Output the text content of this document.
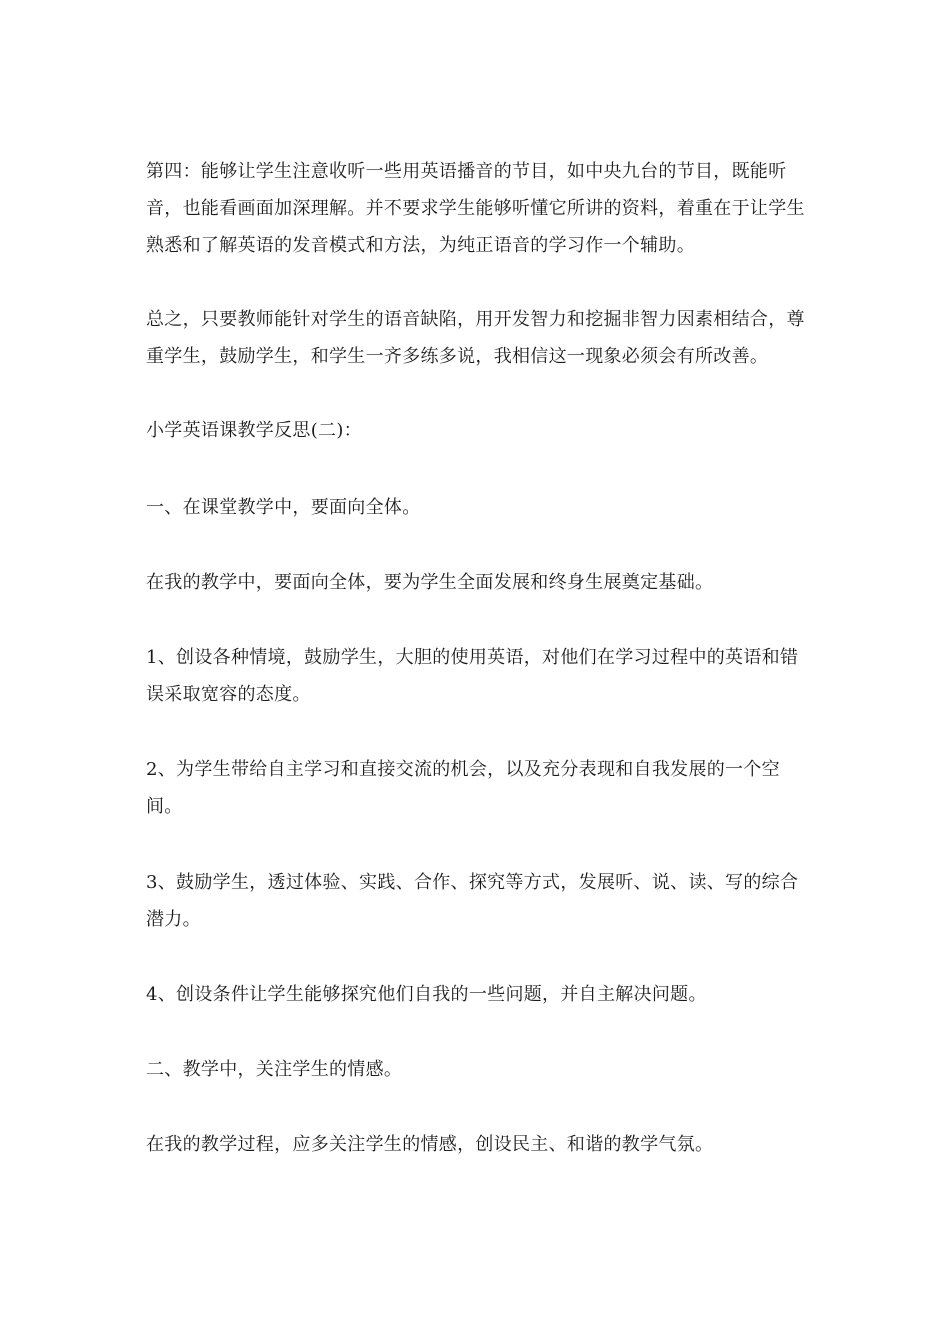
第四：能够让学生注意收听一些用英语播音的节目，如中央九台的节目，既能听音，也能看画面加深理解。并不要求学生能够听懂它所讲的资料，着重在于让学生熟悉和了解英语的发音模式和方法，为纯正语音的学习作一个辅助。

总之，只要教师能针对学生的语音缺陷，用开发智力和挖掘非智力因素相结合，尊重学生，鼓励学生，和学生一齐多练多说，我相信这一现象必须会有所改善。

小学英语课教学反思(二)：

一、在课堂教学中，要面向全体。

在我的教学中，要面向全体，要为学生全面发展和终身生展奠定基础。

1、创设各种情境，鼓励学生，大胆的使用英语，对他们在学习过程中的英语和错误采取宽容的态度。

2、为学生带给自主学习和直接交流的机会，以及充分表现和自我发展的一个空间。

3、鼓励学生，透过体验、实践、合作、探究等方式，发展听、说、读、写的综合潜力。

4、创设条件让学生能够探究他们自我的一些问题，并自主解决问题。

二、教学中，关注学生的情感。

在我的教学过程，应多关注学生的情感，创设民主、和谐的教学气氛。
